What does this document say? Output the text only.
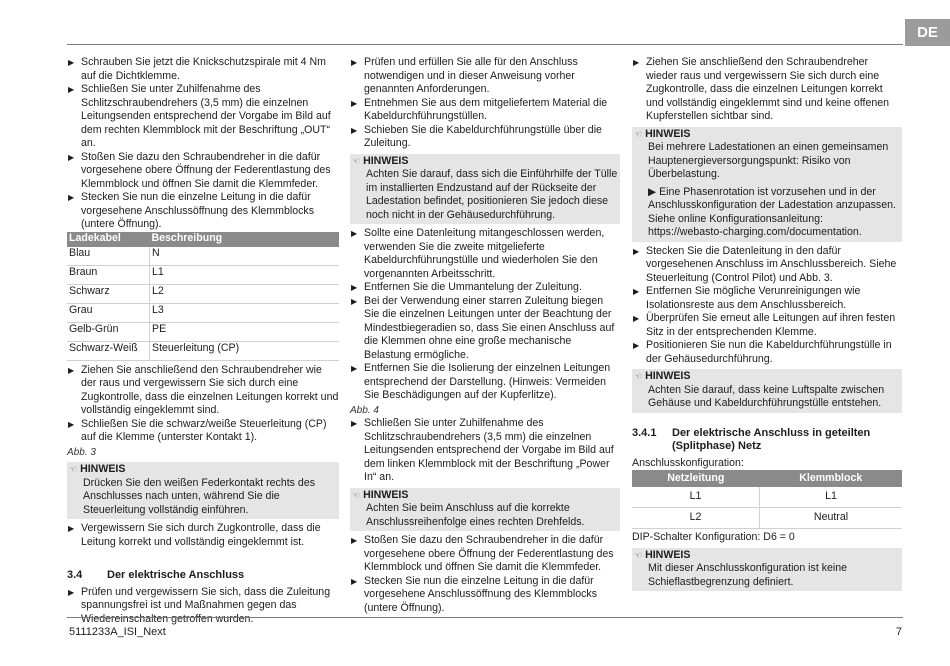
DE

▶ Schrauben Sie jetzt die Knickschutzspirale mit 4 Nm auf die Dichtklemme.

▶ Schließen Sie unter Zuhilfenahme des Schlitzschraubendrehers (3,5 mm) die einzelnen Leitungsenden entsprechend der Vorgabe im Bild auf dem rechten Klemmblock mit der Beschriftung „OUT“ an.

▶ Stoßen Sie dazu den Schraubendreher in die dafür vorgesehene obere Öffnung der Federentlastung des Klemmblock und öffnen Sie damit die Klemmfeder.

▶ Stecken Sie nun die einzelne Leitung in die dafür vorgesehene Anschlussöffnung des Klemmblocks (untere Öffnung).

Ladekabel	Beschreibung
Blau	N
Braun	L1
Schwarz	L2
Grau	L3
Gelb-Grün	PE
Schwarz-Weiß	Steuerleitung (CP)

▶ Ziehen Sie anschließend den Schraubendreher wie der raus und vergewissern Sie sich durch eine Zugkontrolle, dass die einzelnen Leitungen korrekt und vollständig eingeklemmt sind.

▶ Schließen Sie die schwarz/weiße Steuerleitung (CP) auf die Klemme (unterster Kontakt 1).

Abb. 3

☜ HINWEIS
Drücken Sie den weißen Federkontakt rechts des Anschlusses nach unten, während Sie die Steuerleitung vollständig einführen.

▶ Vergewissern Sie sich durch Zugkontrolle, dass die Leitung korrekt und vollständig eingeklemmt ist.

3.4	Der elektrische Anschluss

▶ Prüfen und vergewissern Sie sich, dass die Zuleitung spannungsfrei ist und Maßnahmen gegen das Wiedereinschalten getroffen wurden.

▶ Prüfen und erfüllen Sie alle für den Anschluss notwendigen und in dieser Anweisung vorher genannten Anforderungen.

▶ Entnehmen Sie aus dem mitgeliefertem Material die Kabeldurchführungstüllen.

▶ Schieben Sie die Kabeldurchführungstülle über die Zuleitung.

☜ HINWEIS
Achten Sie darauf, dass sich die Einführhilfe der Tülle im installierten Endzustand auf der Rückseite der Ladestation befindet, positionieren Sie jedoch diese noch nicht in der Gehäusedurchführung.

▶ Sollte eine Datenleitung mitangeschlossen werden, verwenden Sie die zweite mitgelieferte Kabeldurchführungstülle und wiederholen Sie den vorgenannten Arbeitsschritt.

▶ Entfernen Sie die Ummantelung der Zuleitung.

▶ Bei der Verwendung einer starren Zuleitung biegen Sie die einzelnen Leitungen unter der Beachtung der Mindestbiegeradien so, dass Sie einen Anschluss auf die Klemmen ohne eine große mechanische Belastung ermögliche.

▶ Entfernen Sie die Isolierung der einzelnen Leitungen entsprechend der Darstellung. (Hinweis: Vermeiden Sie Beschädigungen auf der Kupferlitze).

Abb. 4

▶ Schließen Sie unter Zuhilfenahme des Schlitzschraubendrehers (3,5 mm) die einzelnen Leitungsenden entsprechend der Vorgabe im Bild auf dem linken Klemmblock mit der Beschriftung „Power In“ an.

☜ HINWEIS
Achten Sie beim Anschluss auf die korrekte Anschlussreihenfolge eines rechten Drehfelds.

▶ Stoßen Sie dazu den Schraubendreher in die dafür vorgesehene obere Öffnung der Federentlastung des Klemmblock und öffnen Sie damit die Klemmfeder.

▶ Stecken Sie nun die einzelne Leitung in die dafür vorgesehene Anschlussöffnung des Klemmblocks (untere Öffnung).

▶ Ziehen Sie anschließend den Schraubendreher wieder raus und vergewissern Sie sich durch eine Zugkontrolle, dass die einzelnen Leitungen korrekt und vollständig eingeklemmt sind und keine offenen Kupferstellen sichtbar sind.

☜ HINWEIS
Bei mehrere Ladestationen an einen gemeinsamen Hauptenergieversorgungspunkt: Risiko von Überbelastung.
▶ Eine Phasenrotation ist vorzusehen und in der Anschlusskonfiguration der Ladestation anzupassen. Siehe online Konfigurationsanleitung: https://webasto-charging.com/documentation.

▶ Stecken Sie die Datenleitung in den dafür vorgesehenen Anschluss im Anschlussbereich. Siehe Steuerleitung (Control Pilot) und Abb. 3.

▶ Entfernen Sie mögliche Verunreinigungen wie Isolationsreste aus dem Anschlussbereich.

▶ Überprüfen Sie erneut alle Leitungen auf ihren festen Sitz in der entsprechenden Klemme.

▶ Positionieren Sie nun die Kabeldurchführungstülle in der Gehäusedurchführung.

☜ HINWEIS
Achten Sie darauf, dass keine Luftspalte zwischen Gehäuse und Kabeldurchführungstülle entstehen.
3.4.1	Der elektrische Anschluss in geteilten (Splitphase) Netz

Anschlusskonfiguration:

Netzleitung	Klemmblock
L1	L1
L2	Neutral

DIP-Schalter Konfiguration: D6 = 0

☜ HINWEIS
Mit dieser Anschlusskonfiguration ist keine Schieflastbegrenzung definiert.
5111233A_ISI_Next	7
